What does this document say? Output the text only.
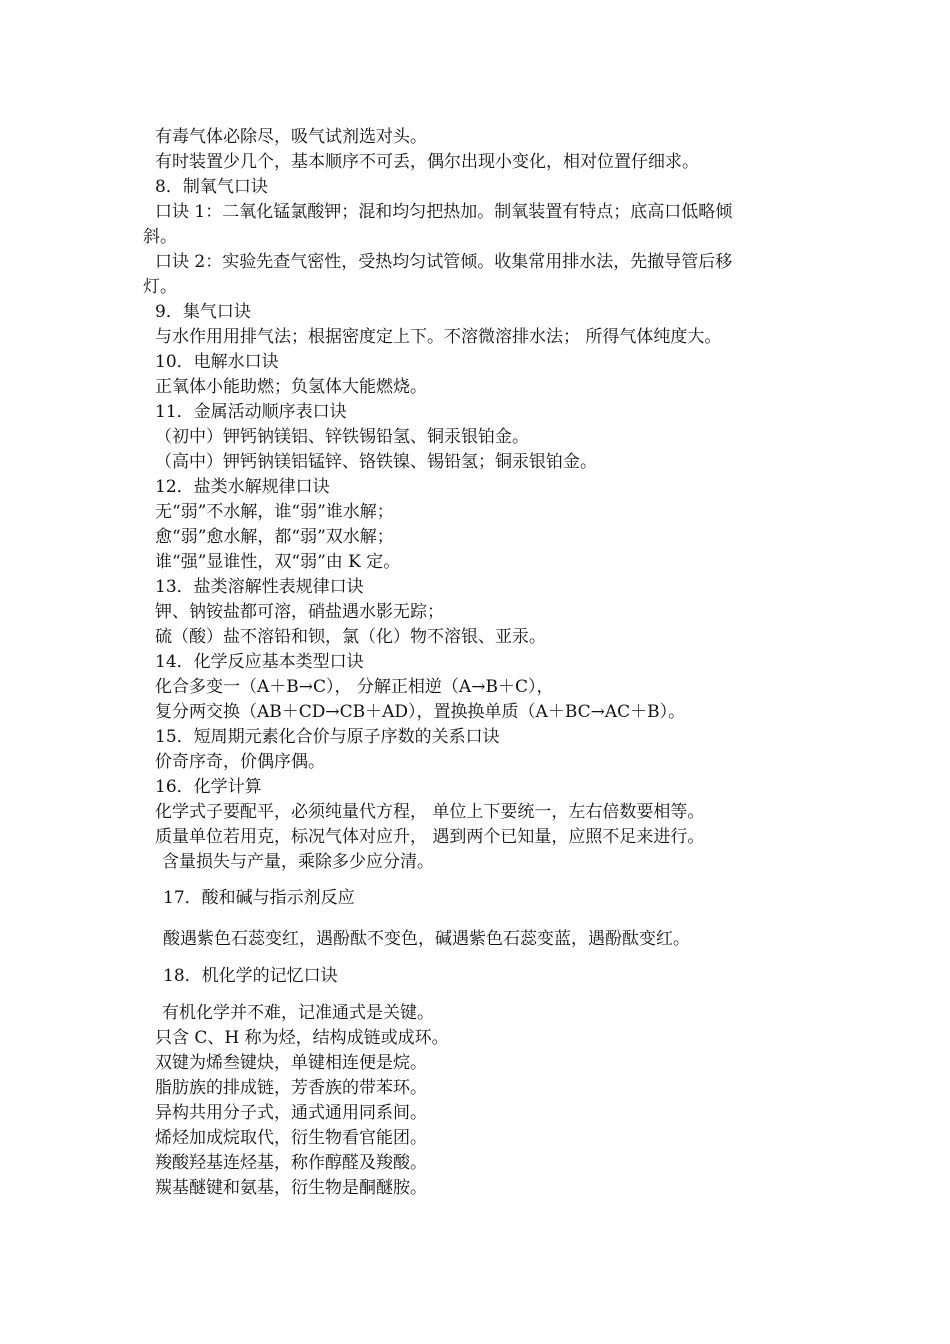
有毒气体必除尽，吸气试剂选对头。
有时装置少几个，基本顺序不可丢，偶尔出现小变化，相对位置仔细求。
8．制氧气口诀
口诀 1：二氧化锰氯酸钾；混和均匀把热加。制氧装置有特点；底高口低略倾
斜。
口诀 2：实验先查气密性，受热均匀试管倾。收集常用排水法，先撤导管后移
灯。
9．集气口诀
与水作用用排气法；根据密度定上下。不溶微溶排水法； 所得气体纯度大。
10．电解水口诀
正氧体小能助燃；负氢体大能燃烧。
11．金属活动顺序表口诀
（初中）钾钙钠镁铝、锌铁锡铅氢、铜汞银铂金。
（高中）钾钙钠镁铝锰锌、铬铁镍、锡铅氢；铜汞银铂金。
12．盐类水解规律口诀
无“弱”不水解，谁“弱”谁水解；
愈“弱”愈水解，都“弱”双水解；
谁“强”显谁性，双“弱”由 K 定。
13．盐类溶解性表规律口诀
钾、钠铵盐都可溶，硝盐遇水影无踪；
硫（酸）盐不溶铅和钡，氯（化）物不溶银、亚汞。
14．化学反应基本类型口诀
化合多变一（A＋B→C）， 分解正相逆（A→B＋C），
复分两交换（AB＋CD→CB＋AD），置换换单质（A＋BC→AC＋B）。
15．短周期元素化合价与原子序数的关系口诀
价奇序奇，价偶序偶。
16．化学计算
化学式子要配平，必须纯量代方程， 单位上下要统一，左右倍数要相等。
质量单位若用克，标况气体对应升， 遇到两个已知量，应照不足来进行。
含量损失与产量，乘除多少应分清。
17．酸和碱与指示剂反应
酸遇紫色石蕊变红，遇酚酞不变色，碱遇紫色石蕊变蓝，遇酚酞变红。
18．机化学的记忆口诀
有机化学并不难，记准通式是关键。
只含 C、H 称为烃，结构成链或成环。
双键为烯叁键炔，单键相连便是烷。
脂肪族的排成链，芳香族的带苯环。
异构共用分子式，通式通用同系间。
烯烃加成烷取代，衍生物看官能团。
羧酸羟基连烃基，称作醇醛及羧酸。
羰基醚键和氨基，衍生物是酮醚胺。
